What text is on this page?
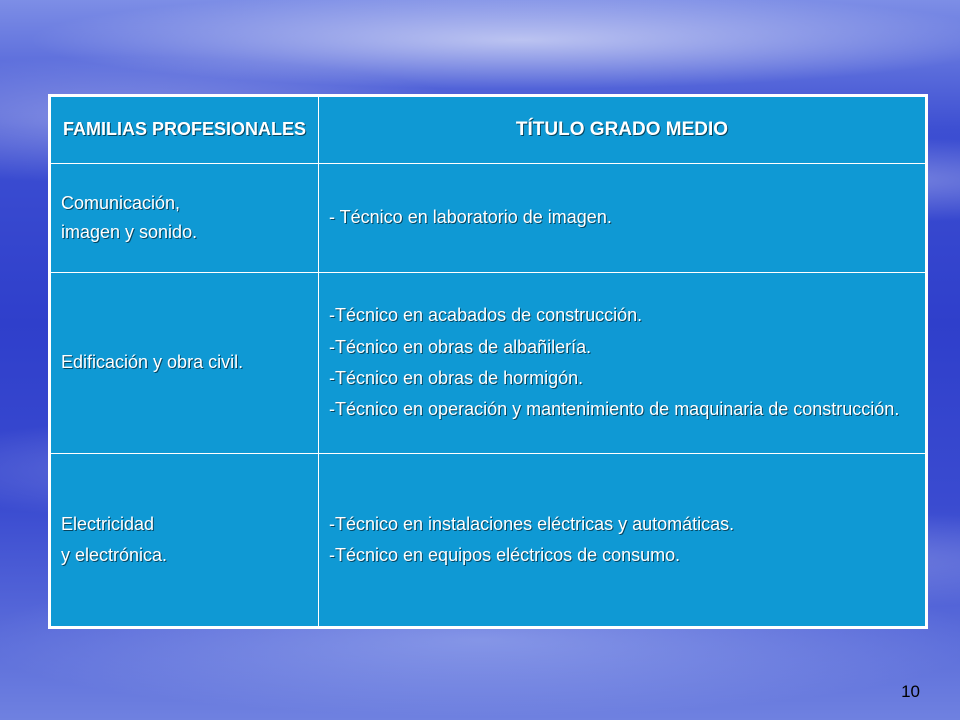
FAMILIAS PROFESIONALES	TÍTULO GRADO MEDIO

Comunicación,
imagen y sonido.	- Técnico en laboratorio de imagen.

Edificación y obra civil.	-Técnico en acabados de construcción.
-Técnico en obras de albañilería.
-Técnico en obras de hormigón.
-Técnico en operación y mantenimiento de maquinaria de construcción.

Electricidad
y electrónica.	-Técnico en instalaciones eléctricas y automáticas.
-Técnico en equipos eléctricos de consumo.
10
